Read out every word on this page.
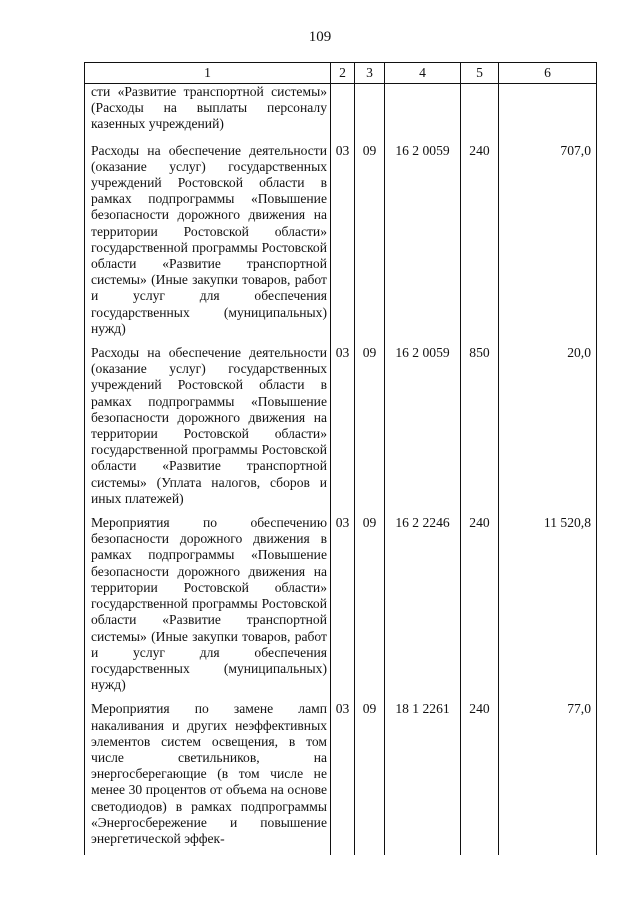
109
1	2	3	4	5	6

сти «Развитие транспортной системы» (Расходы на выплаты персоналу казенных учреждений)					

Расходы на обеспечение деятельности (оказание услуг) государственных учреждений Ростовской области в рамках подпрограммы «Повышение безопасности дорожного движения на территории Ростовской области» государственной программы Ростовской области «Развитие транспортной системы» (Иные закупки товаров, работ и услуг для обеспечения государственных (муниципальных) нужд)	03	09	16 2 0059	240	707,0

Расходы на обеспечение деятельности (оказание услуг) государственных учреждений Ростовской области в рамках подпрограммы «Повышение безопасности дорожного движения на территории Ростовской области» государственной программы Ростовской области «Развитие транспортной системы» (Уплата налогов, сборов и иных платежей)	03	09	16 2 0059	850	20,0

Мероприятия по обеспечению безопасности дорожного движения в рамках подпрограммы «Повышение безопасности дорожного движения на территории Ростовской области» государственной программы Ростовской области «Развитие транспортной системы» (Иные закупки товаров, работ и услуг для обеспечения государственных (муниципальных) нужд)	03	09	16 2 2246	240	11 520,8

Мероприятия по замене ламп накаливания и других неэффективных элементов систем освещения, в том числе светильников, на энергосберегающие (в том числе не менее 30 процентов от объема на основе светодиодов) в рамках подпрограммы «Энергосбережение и повышение энергетической эффек-	03	09	18 1 2261	240	77,0
